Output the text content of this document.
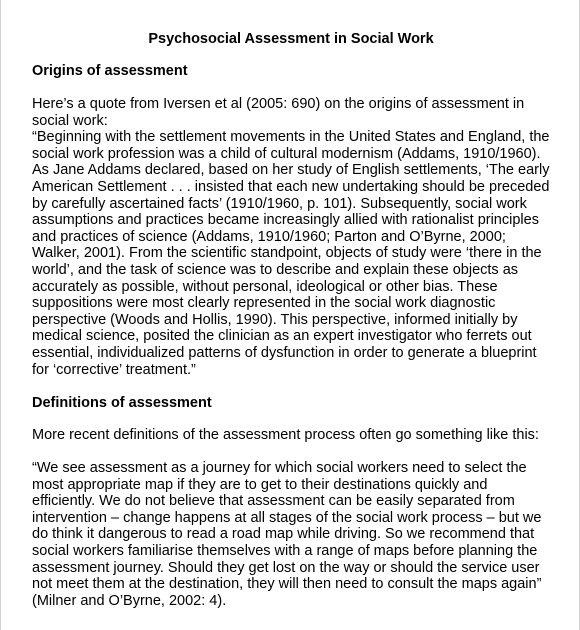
Psychosocial Assessment in Social Work
Origins of assessment
Here’s a quote from Iversen et al (2005: 690) on the origins of assessment in
social work:
“Beginning with the settlement movements in the United States and England, the
social work profession was a child of cultural modernism (Addams, 1910/1960).
As Jane Addams declared, based on her study of English settlements, ‘The early
American Settlement . . . insisted that each new undertaking should be preceded
by carefully ascertained facts’ (1910/1960, p. 101). Subsequently, social work
assumptions and practices became increasingly allied with rationalist principles
and practices of science (Addams, 1910/1960; Parton and O’Byrne, 2000;
Walker, 2001). From the scientific standpoint, objects of study were ‘there in the
world’, and the task of science was to describe and explain these objects as
accurately as possible, without personal, ideological or other bias. These
suppositions were most clearly represented in the social work diagnostic
perspective (Woods and Hollis, 1990). This perspective, informed initially by
medical science, posited the clinician as an expert investigator who ferrets out
essential, individualized patterns of dysfunction in order to generate a blueprint
for ‘corrective’ treatment.”
Definitions of assessment
More recent definitions of the assessment process often go something like this:
“We see assessment as a journey for which social workers need to select the
most appropriate map if they are to get to their destinations quickly and
efficiently. We do not believe that assessment can be easily separated from
intervention – change happens at all stages of the social work process – but we
do think it dangerous to read a road map while driving. So we recommend that
social workers familiarise themselves with a range of maps before planning the
assessment journey. Should they get lost on the way or should the service user
not meet them at the destination, they will then need to consult the maps again”
(Milner and O’Byrne, 2002: 4).
